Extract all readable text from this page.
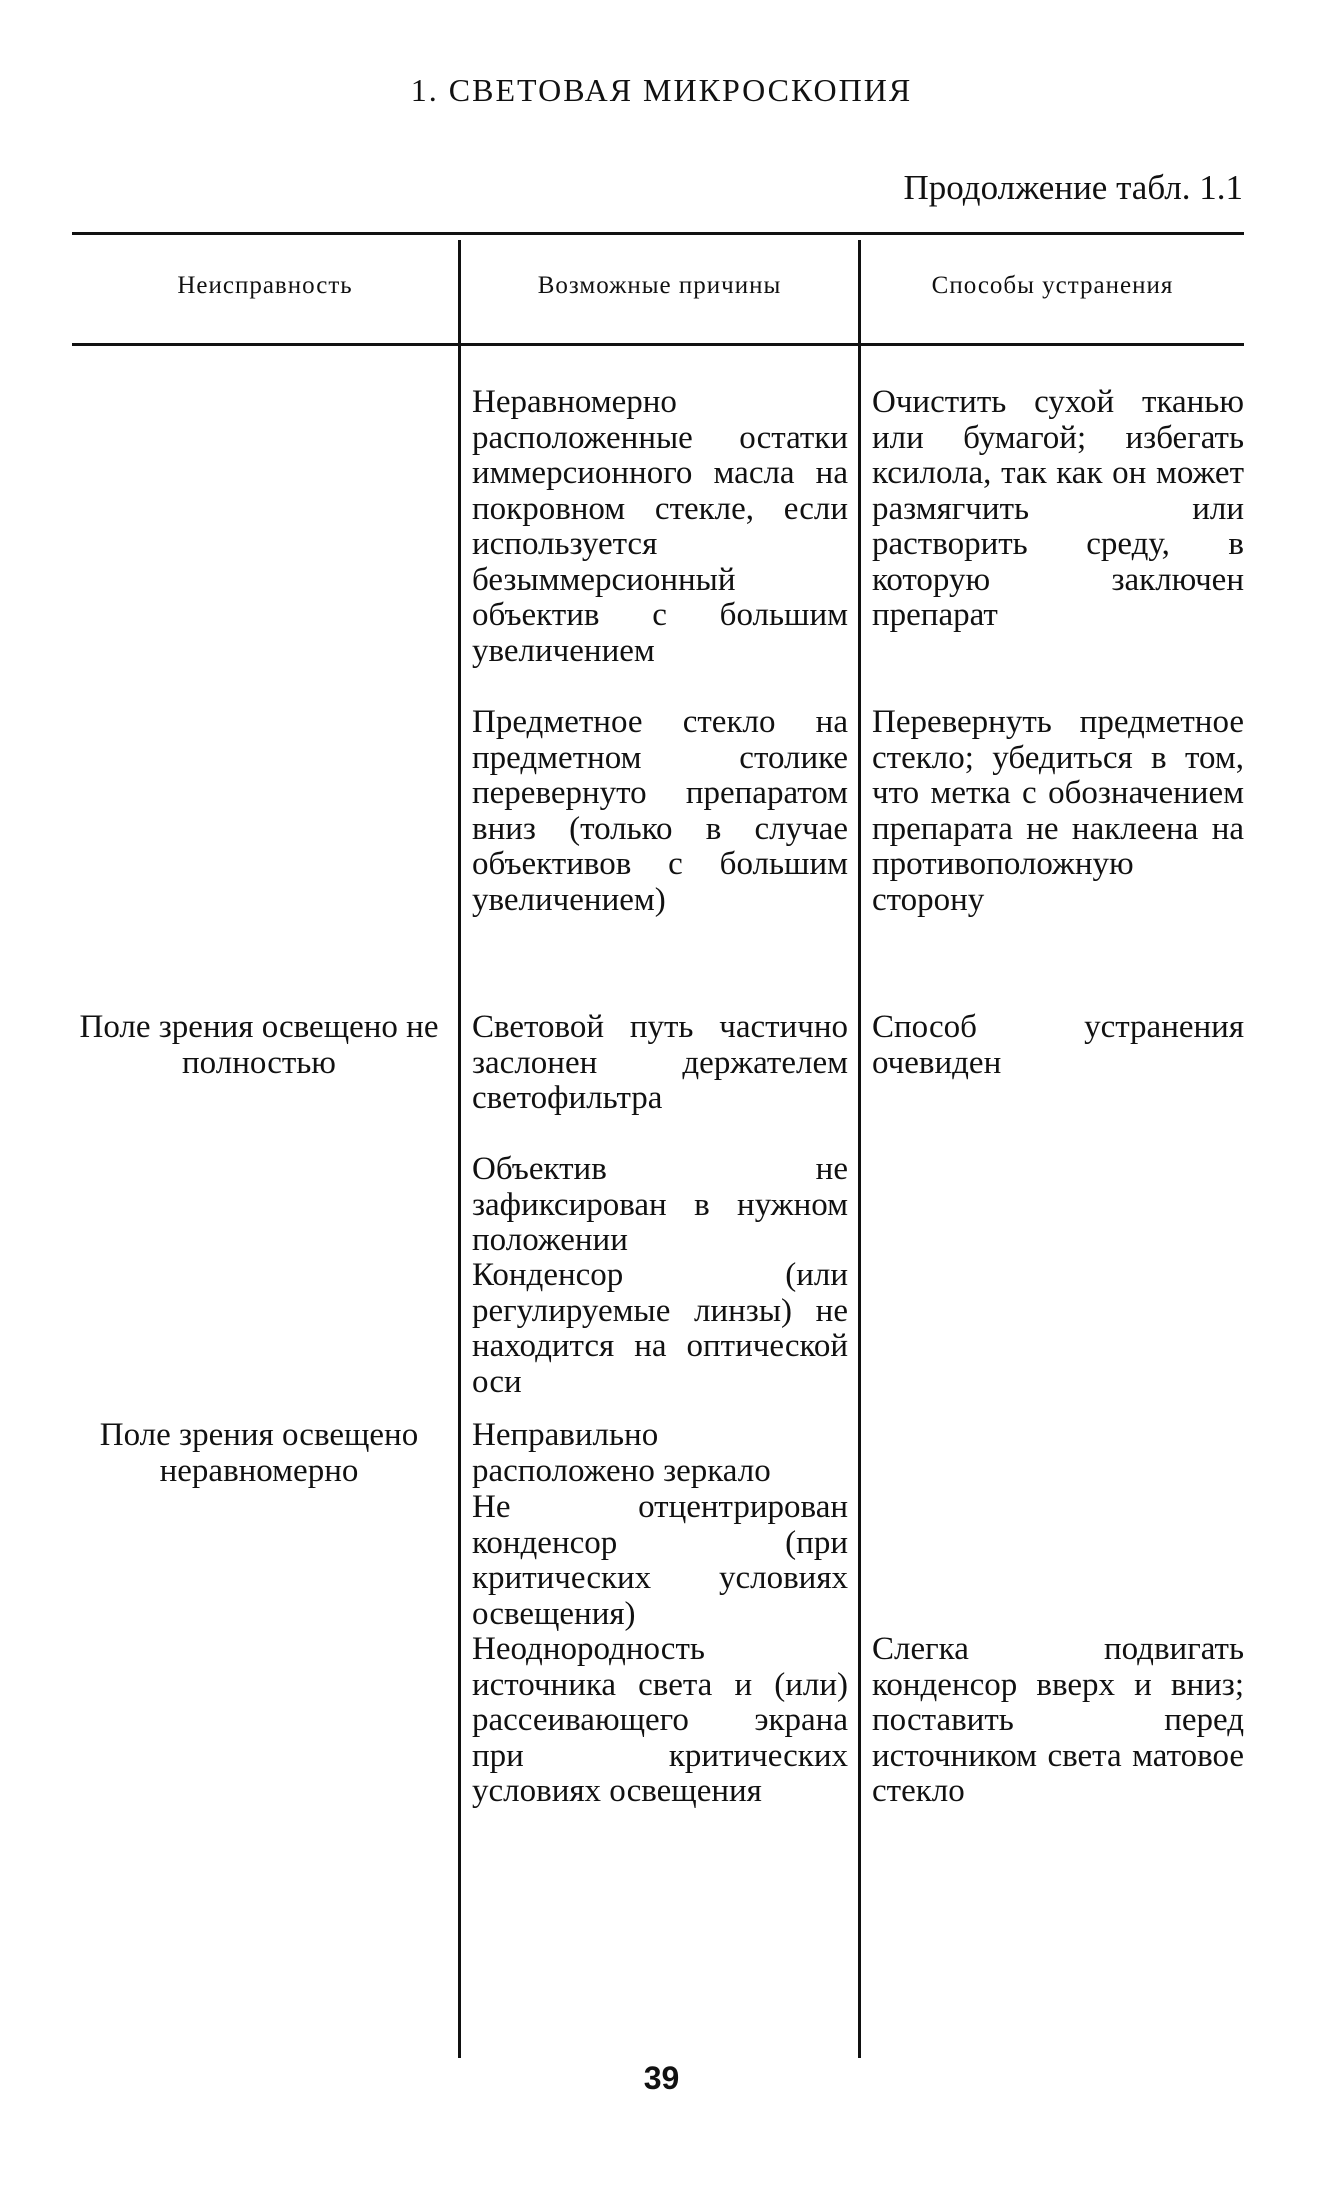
1. СВЕТОВАЯ МИКРОСКОПИЯ
Продолжение табл. 1.1
Неисправность	Возможные причины	Способы устранения
Неравномерно расположенные остатки иммерсионного масла на покровном стекле, если используется безыммерсионный объектив с большим увеличением
Очистить сухой тканью или бумагой; избегать ксилола, так как он может размягчить или растворить среду, в которую заключен препарат
Предметное стекло на предметном столике перевернуто препаратом вниз (только в случае объективов с большим увеличением)
Перевернуть предметное стекло; убедиться в том, что метка с обозначением препарата не наклеена на противоположную сторону
Поле зрения освещено не полностью
Световой путь частично заслонен держателем светофильтра
Способ устранения очевиден
Объектив не зафиксирован в нужном положении
Конденсор (или регулируемые линзы) не находится на оптической оси
Поле зрения освещено неравномерно
Неправильно расположено зеркало
Не отцентрирован конденсор (при критических условиях освещения)
Неоднородность источника света и (или) рассеивающего экрана при критических условиях освещения
Слегка подвигать конденсор вверх и вниз; поставить перед источником света матовое стекло
39
